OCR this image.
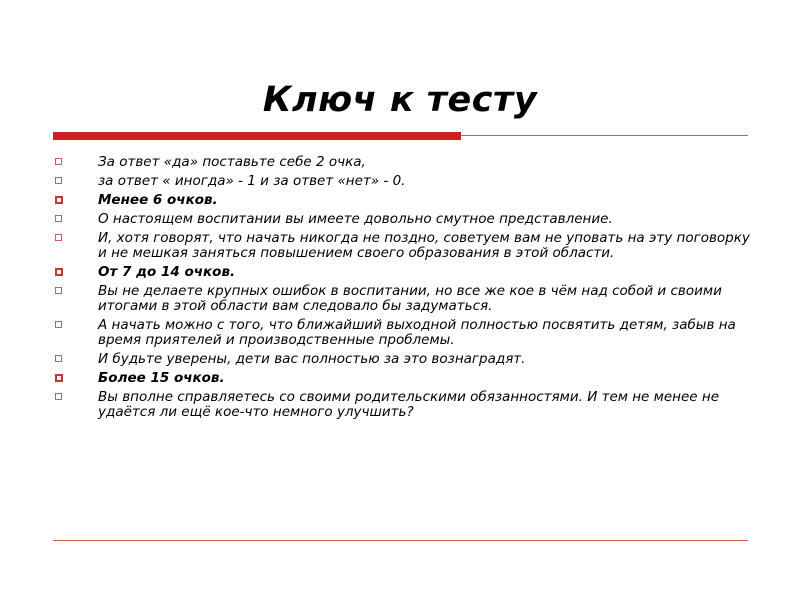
Ключ к тесту
За ответ «да» поставьте себе 2 очка,
за ответ « иногда» - 1 и за ответ «нет» - 0.
Менее 6 очков.
О настоящем воспитании вы имеете довольно смутное представление.
И, хотя говорят, что начать никогда не поздно, советуем вам не уповать на эту поговорку и не мешкая заняться повышением своего образования в этой области.
От 7 до 14 очков.
Вы не делаете крупных ошибок в воспитании, но все же кое в чём над собой и своими итогами в этой области вам следовало бы задуматься.
А начать можно с того, что ближайший выходной полностью посвятить детям, забыв на время приятелей и производственные проблемы.
И будьте уверены, дети вас полностью за это вознаградят.
Более 15 очков.
Вы вполне справляетесь со своими родительскими обязанностями. И тем не менее не удаётся ли ещё кое-что немного улучшить?
